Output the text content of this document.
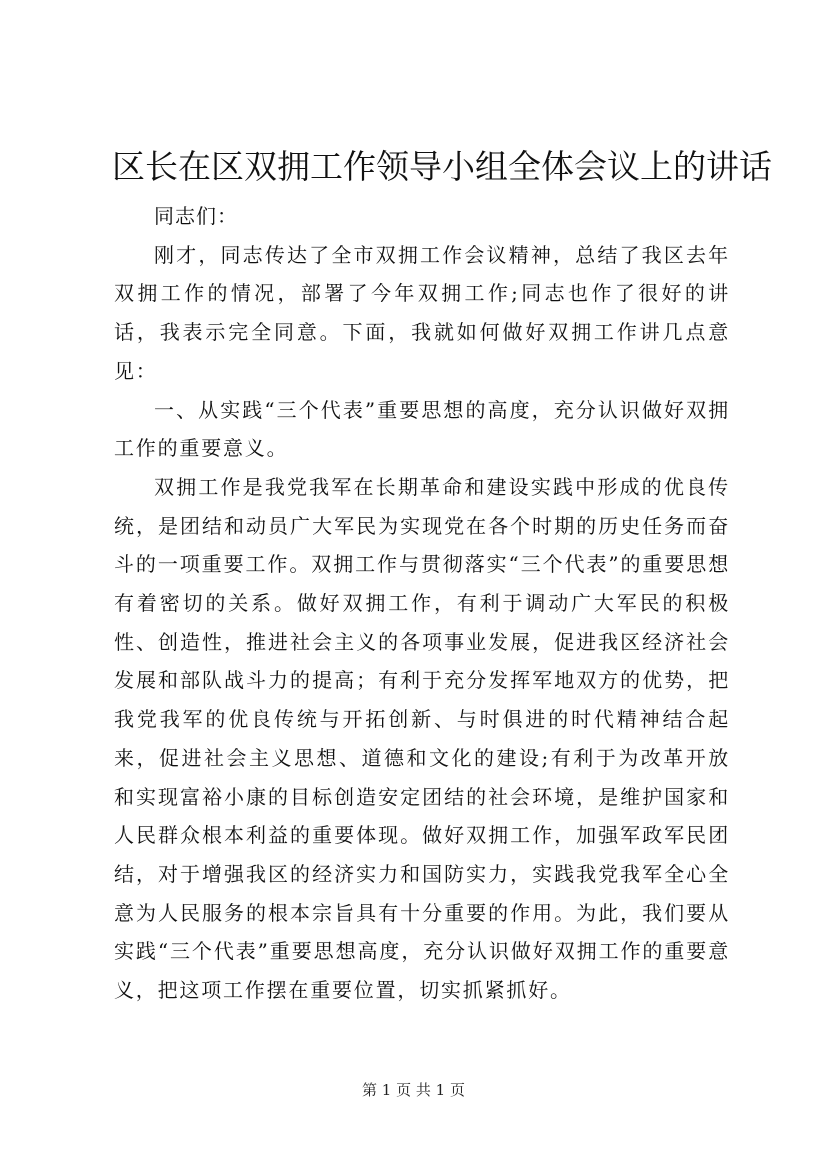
区长在区双拥工作领导小组全体会议上的讲话

同志们：

刚才，同志传达了全市双拥工作会议精神，总结了我区去年双拥工作的情况，部署了今年双拥工作;同志也作了很好的讲话，我表示完全同意。下面，我就如何做好双拥工作讲几点意见：

一、从实践“三个代表”重要思想的高度，充分认识做好双拥工作的重要意义。

双拥工作是我党我军在长期革命和建设实践中形成的优良传统，是团结和动员广大军民为实现党在各个时期的历史任务而奋斗的一项重要工作。双拥工作与贯彻落实“三个代表”的重要思想有着密切的关系。做好双拥工作，有利于调动广大军民的积极性、创造性，推进社会主义的各项事业发展，促进我区经济社会发展和部队战斗力的提高；有利于充分发挥军地双方的优势，把我党我军的优良传统与开拓创新、与时俱进的时代精神结合起来，促进社会主义思想、道德和文化的建设;有利于为改革开放和实现富裕小康的目标创造安定团结的社会环境，是维护国家和人民群众根本利益的重要体现。做好双拥工作，加强军政军民团结，对于增强我区的经济实力和国防实力，实践我党我军全心全意为人民服务的根本宗旨具有十分重要的作用。为此，我们要从实践“三个代表”重要思想高度，充分认识做好双拥工作的重要意义，把这项工作摆在重要位置，切实抓紧抓好。

第 1 页 共 1 页
